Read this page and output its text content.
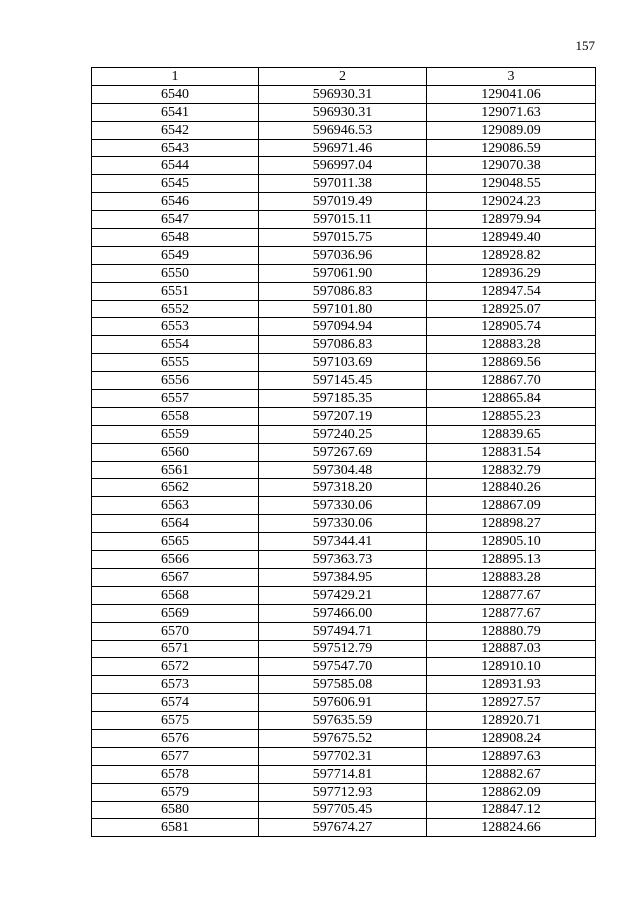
157
1	2	3
6540	596930.31	129041.06
6541	596930.31	129071.63
6542	596946.53	129089.09
6543	596971.46	129086.59
6544	596997.04	129070.38
6545	597011.38	129048.55
6546	597019.49	129024.23
6547	597015.11	128979.94
6548	597015.75	128949.40
6549	597036.96	128928.82
6550	597061.90	128936.29
6551	597086.83	128947.54
6552	597101.80	128925.07
6553	597094.94	128905.74
6554	597086.83	128883.28
6555	597103.69	128869.56
6556	597145.45	128867.70
6557	597185.35	128865.84
6558	597207.19	128855.23
6559	597240.25	128839.65
6560	597267.69	128831.54
6561	597304.48	128832.79
6562	597318.20	128840.26
6563	597330.06	128867.09
6564	597330.06	128898.27
6565	597344.41	128905.10
6566	597363.73	128895.13
6567	597384.95	128883.28
6568	597429.21	128877.67
6569	597466.00	128877.67
6570	597494.71	128880.79
6571	597512.79	128887.03
6572	597547.70	128910.10
6573	597585.08	128931.93
6574	597606.91	128927.57
6575	597635.59	128920.71
6576	597675.52	128908.24
6577	597702.31	128897.63
6578	597714.81	128882.67
6579	597712.93	128862.09
6580	597705.45	128847.12
6581	597674.27	128824.66
